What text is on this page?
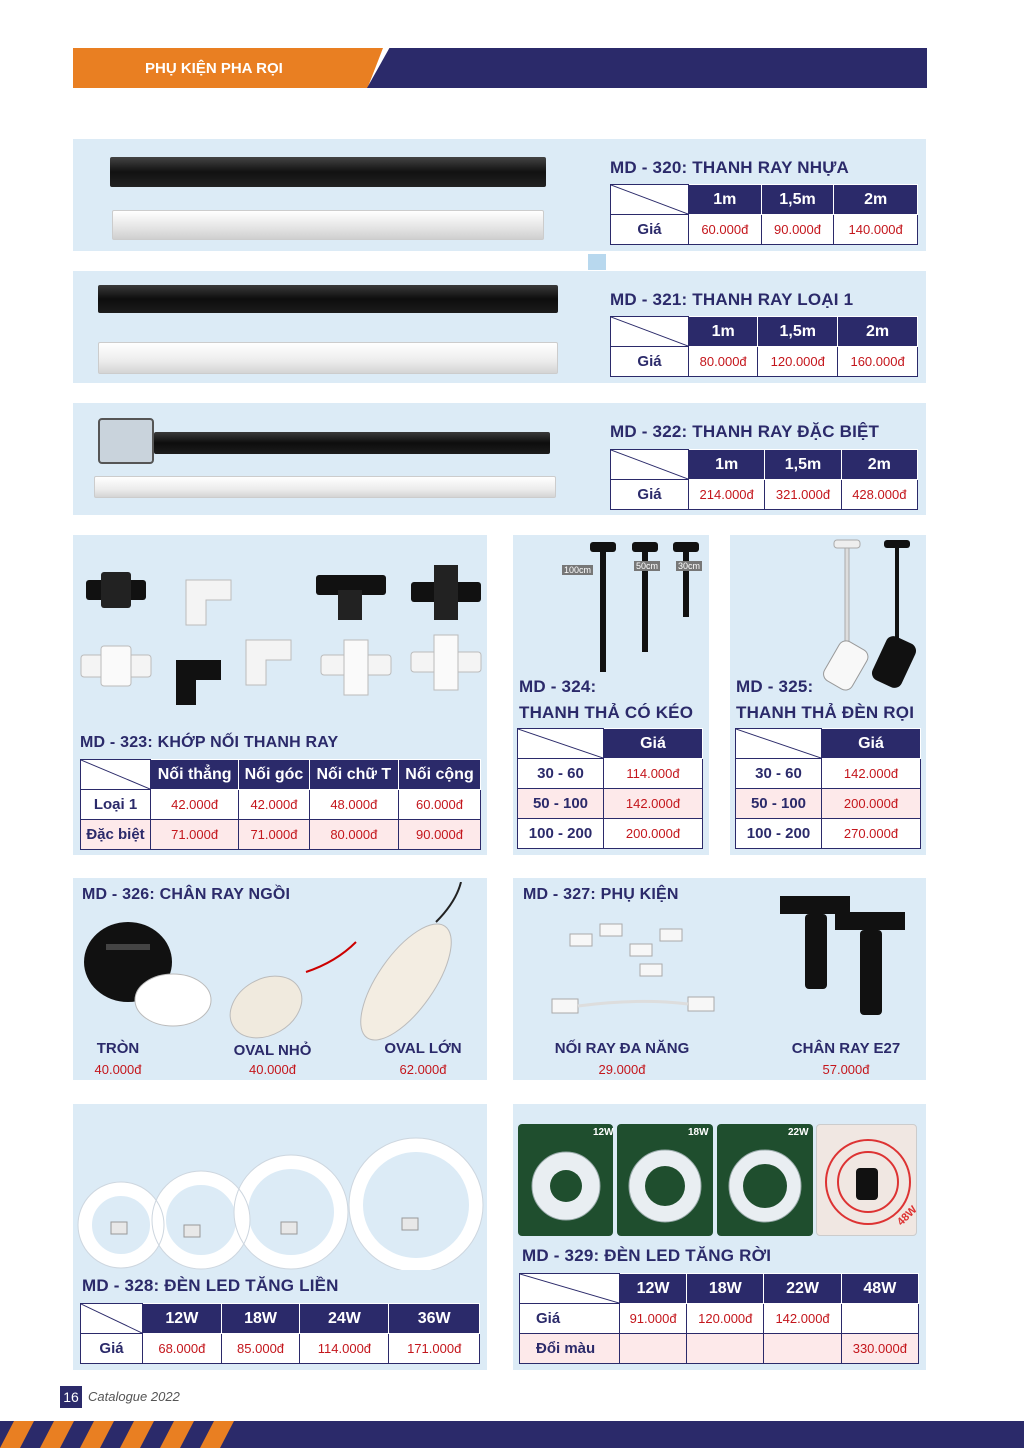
PHỤ KIỆN PHA RỌI
MD - 320: THANH RAY NHỰA
	1m	1,5m	2m
Giá	60.000đ	90.000đ	140.000đ
MD - 321: THANH RAY LOẠI 1
	1m	1,5m	2m
Giá	80.000đ	120.000đ	160.000đ
MD - 322: THANH RAY ĐẶC BIỆT
	1m	1,5m	2m
Giá	214.000đ	321.000đ	428.000đ
MD - 323: KHỚP NỐI THANH RAY
	Nối thẳng	Nối góc	Nối chữ T	Nối cộng
Loại 1	42.000đ	42.000đ	48.000đ	60.000đ
Đặc biệt	71.000đ	71.000đ	80.000đ	90.000đ
100cm	50cm 30cm
MD - 324:
THANH THẢ CÓ KÉO
	Giá
30 - 60	114.000đ
50 - 100	142.000đ
100 - 200	200.000đ
MD - 325:
THANH THẢ ĐÈN RỌI
	Giá
30 - 60	142.000đ
50 - 100	200.000đ
100 - 200	270.000đ
MD - 326: CHÂN RAY NGỒI
TRÒN
40.000đ
OVAL NHỎ
40.000đ
OVAL LỚN
62.000đ
MD - 327: PHỤ KIỆN
NỐI RAY ĐA NĂNG
29.000đ
CHÂN RAY E27
57.000đ
MD - 328: ĐÈN LED TĂNG LIỀN
	12W	18W	24W	36W
Giá	68.000đ	85.000đ	114.000đ	171.000đ
12W	18W	22W
48W
MD - 329: ĐÈN LED TĂNG RỜI
	12W	18W	22W	48W
Giá	91.000đ	120.000đ	142.000đ	
Đổi màu				330.000đ
16 Catalogue 2022
